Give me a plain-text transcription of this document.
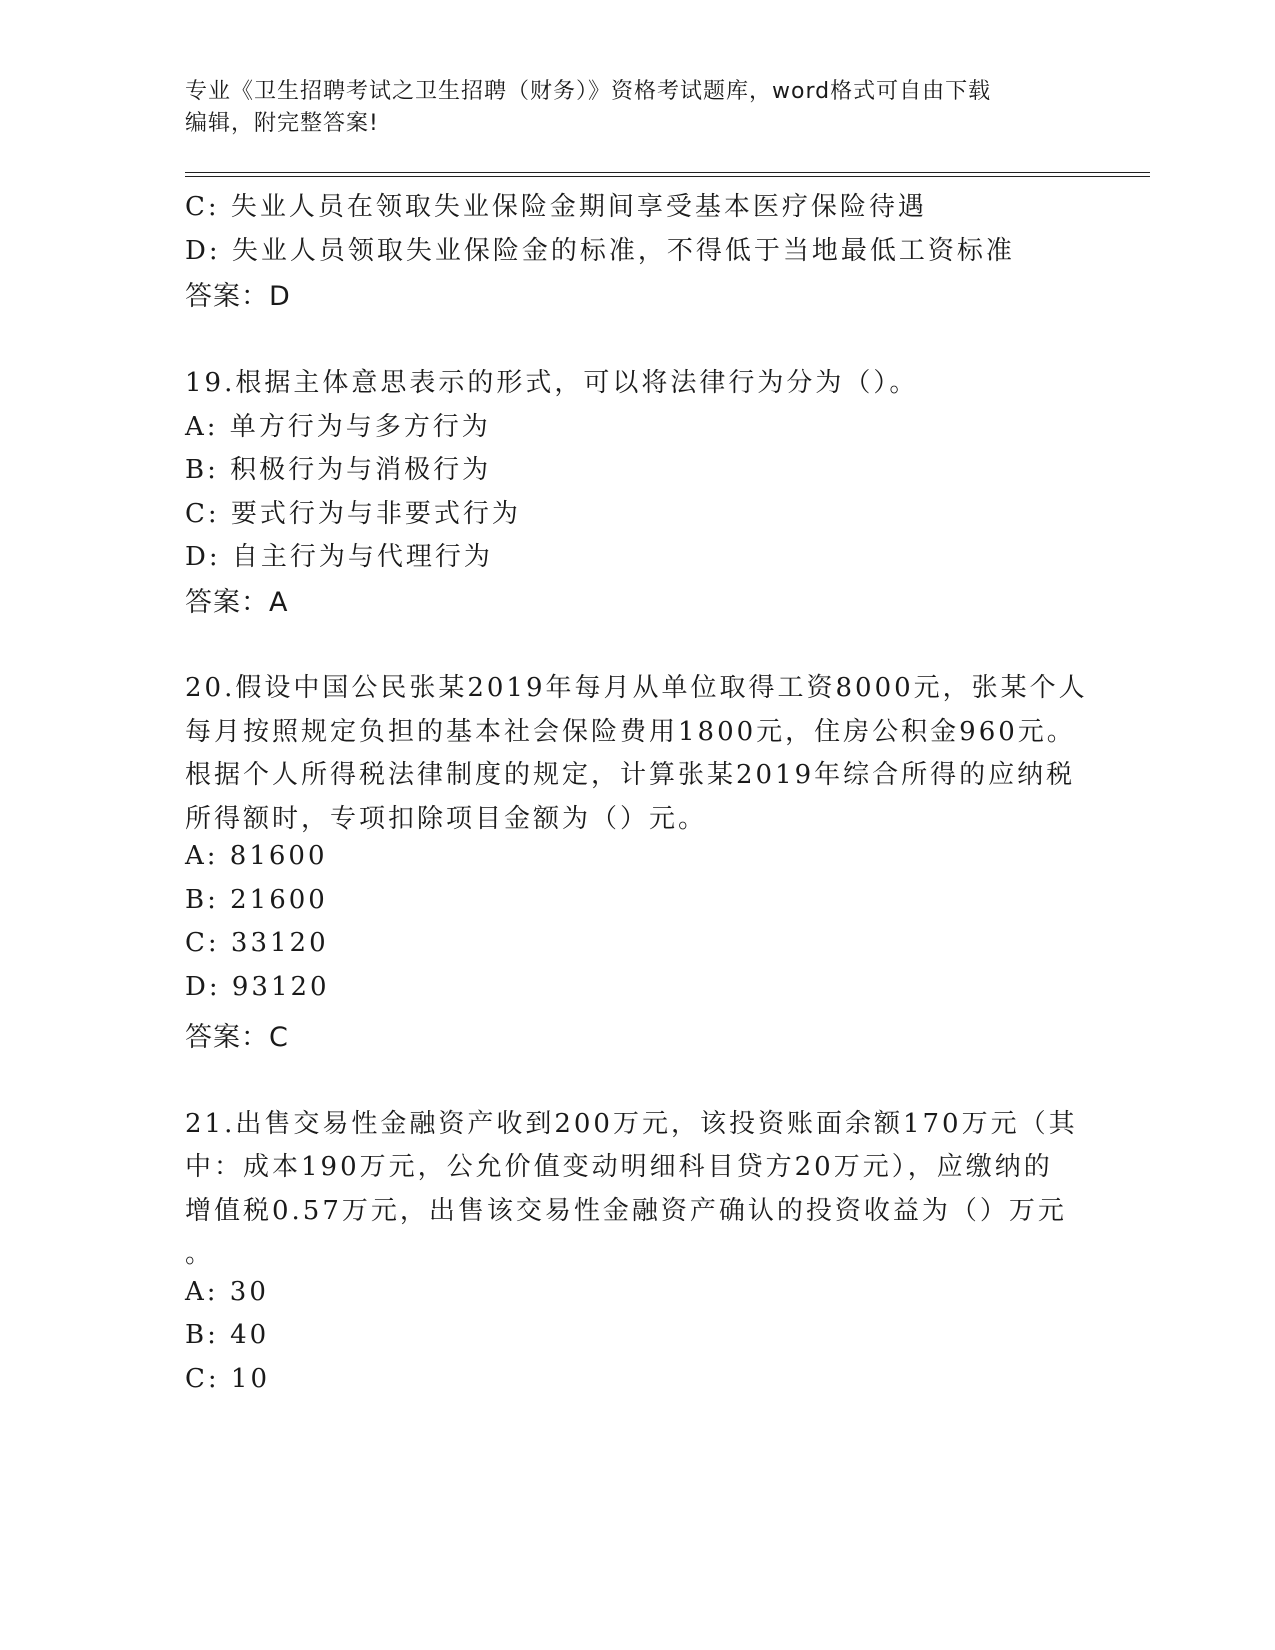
专业《卫生招聘考试之卫生招聘（财务）》资格考试题库，word格式可自由下载
编辑，附完整答案!
C: 失业人员在领取失业保险金期间享受基本医疗保险待遇
D: 失业人员领取失业保险金的标准，不得低于当地最低工资标准
答案：D
19.根据主体意思表示的形式，可以将法律行为分为（）。
A: 单方行为与多方行为
B: 积极行为与消极行为
C: 要式行为与非要式行为
D: 自主行为与代理行为
答案：A
20.假设中国公民张某2019年每月从单位取得工资8000元，张某个人
每月按照规定负担的基本社会保险费用1800元，住房公积金960元。
根据个人所得税法律制度的规定，计算张某2019年综合所得的应纳税
所得额时，专项扣除项目金额为（）元。
A: 81600
B: 21600
C: 33120
D: 93120
答案：C
21.出售交易性金融资产收到200万元，该投资账面余额170万元（其
中：成本190万元，公允价值变动明细科目贷方20万元），应缴纳的
增值税0.57万元，出售该交易性金融资产确认的投资收益为（）万元
。
A: 30
B: 40
C: 10
